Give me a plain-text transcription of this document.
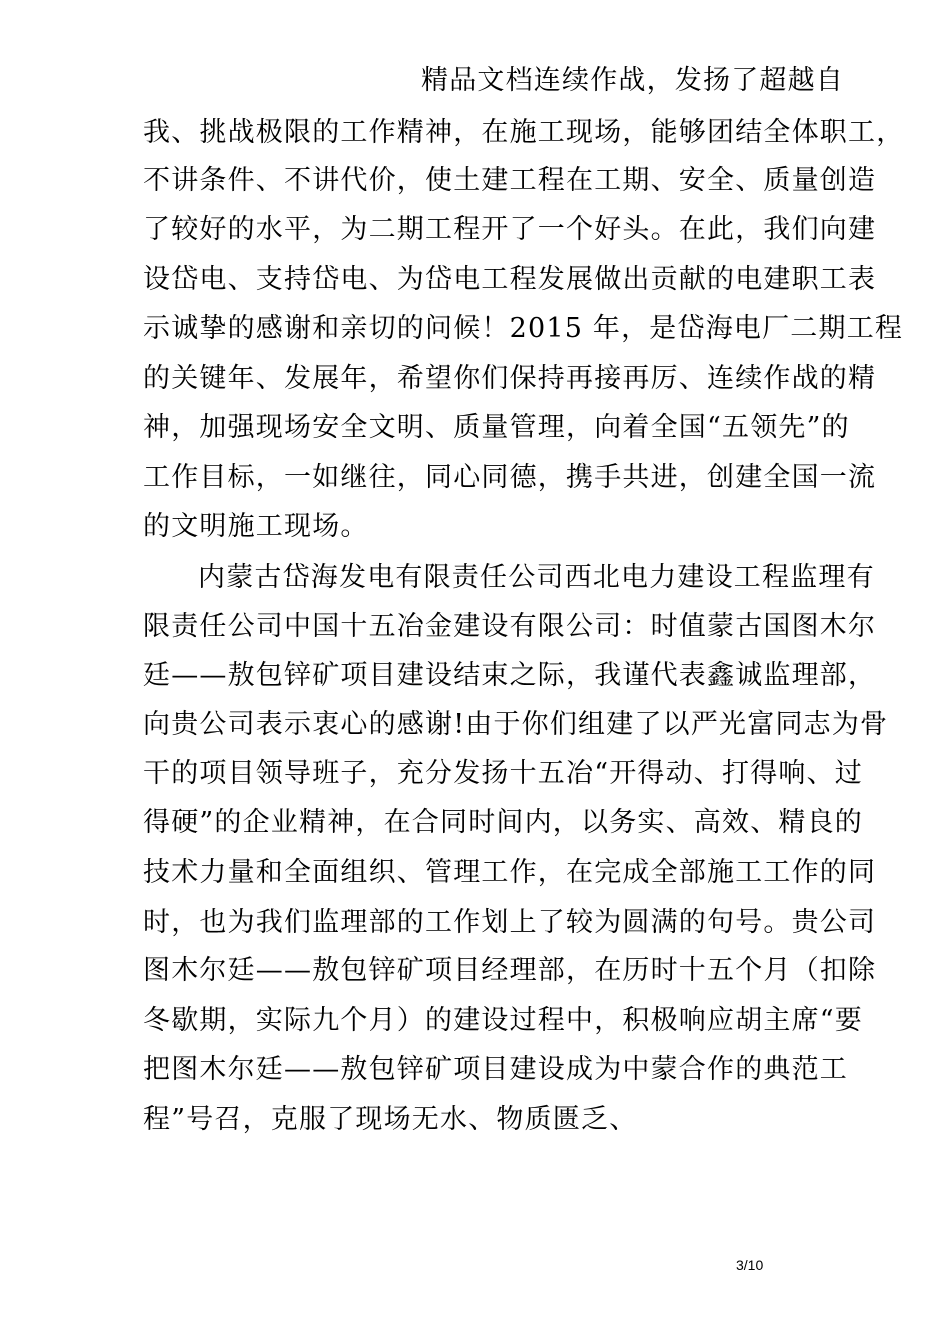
精品文档连续作战，发扬了超越自
我、挑战极限的工作精神，在施工现场，能够团结全体职工，
不讲条件、不讲代价，使土建工程在工期、安全、质量创造
了较好的水平，为二期工程开了一个好头。在此，我们向建
设岱电、支持岱电、为岱电工程发展做出贡献的电建职工表
示诚挚的感谢和亲切的问候！2015 年，是岱海电厂二期工程
的关键年、发展年，希望你们保持再接再厉、连续作战的精
神，加强现场安全文明、质量管理，向着全国“五领先”的
工作目标，一如继往，同心同德，携手共进，创建全国一流
的文明施工现场。
内蒙古岱海发电有限责任公司西北电力建设工程监理有
限责任公司中国十五冶金建设有限公司：时值蒙古国图木尔
廷——敖包锌矿项目建设结束之际，我谨代表鑫诚监理部，
向贵公司表示衷心的感谢!由于你们组建了以严光富同志为骨
干的项目领导班子，充分发扬十五冶“开得动、打得响、过
得硬”的企业精神，在合同时间内，以务实、高效、精良的
技术力量和全面组织、管理工作，在完成全部施工工作的同
时，也为我们监理部的工作划上了较为圆满的句号。贵公司
图木尔廷——敖包锌矿项目经理部，在历时十五个月（扣除
冬歇期，实际九个月）的建设过程中，积极响应胡主席“要
把图木尔廷——敖包锌矿项目建设成为中蒙合作的典范工
程”号召，克服了现场无水、物质匮乏、
3/10
